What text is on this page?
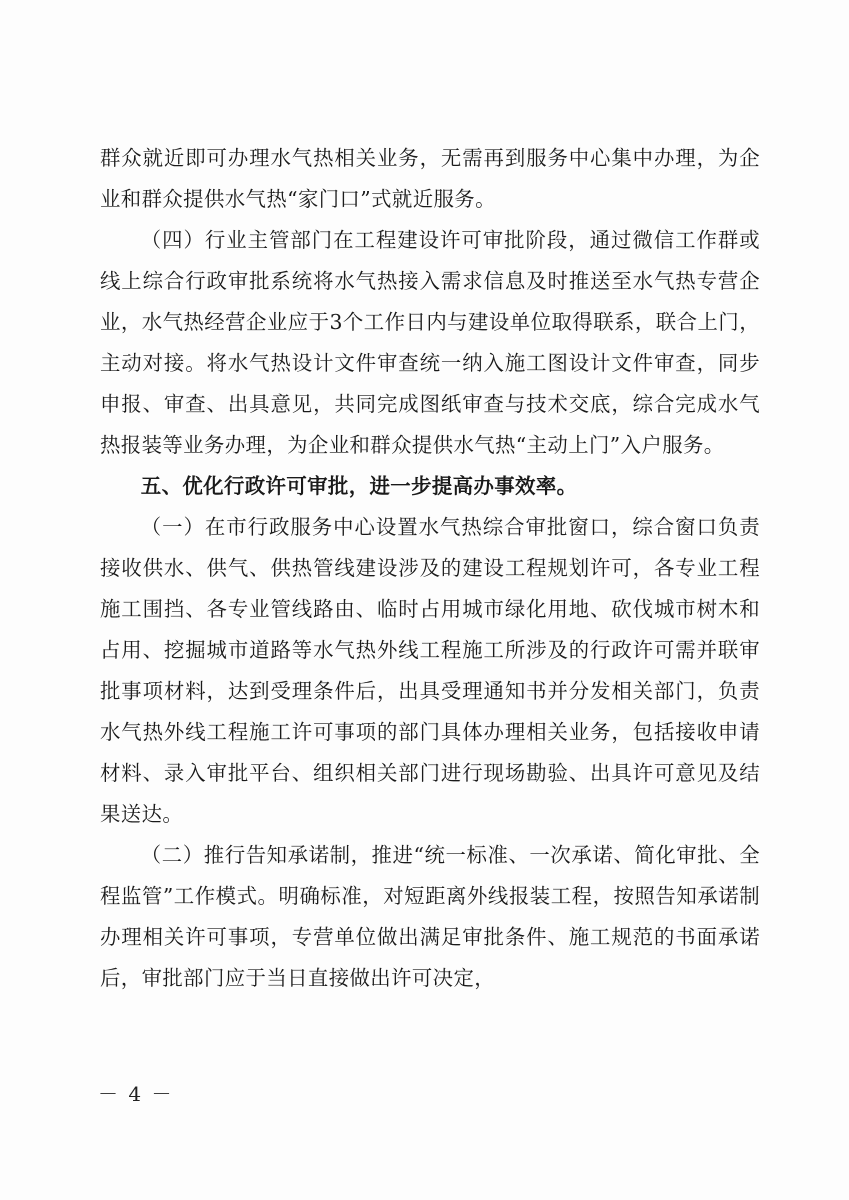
群众就近即可办理水气热相关业务，无需再到服务中心集中办理，为企业和群众提供水气热“家门口”式就近服务。

（四）行业主管部门在工程建设许可审批阶段，通过微信工作群或线上综合行政审批系统将水气热接入需求信息及时推送至水气热专营企业，水气热经营企业应于3个工作日内与建设单位取得联系，联合上门，主动对接。将水气热设计文件审查统一纳入施工图设计文件审查，同步申报、审查、出具意见，共同完成图纸审查与技术交底，综合完成水气热报装等业务办理，为企业和群众提供水气热“主动上门”入户服务。

五、优化行政许可审批，进一步提高办事效率。

（一）在市行政服务中心设置水气热综合审批窗口，综合窗口负责接收供水、供气、供热管线建设涉及的建设工程规划许可，各专业工程施工围挡、各专业管线路由、临时占用城市绿化用地、砍伐城市树木和占用、挖掘城市道路等水气热外线工程施工所涉及的行政许可需并联审批事项材料，达到受理条件后，出具受理通知书并分发相关部门，负责水气热外线工程施工许可事项的部门具体办理相关业务，包括接收申请材料、录入审批平台、组织相关部门进行现场勘验、出具许可意见及结果送达。

（二）推行告知承诺制，推进“统一标准、一次承诺、简化审批、全程监管”工作模式。明确标准，对短距离外线报装工程，按照告知承诺制办理相关许可事项，专营单位做出满足审批条件、施工规范的书面承诺后，审批部门应于当日直接做出许可决定，

－ 4 －
